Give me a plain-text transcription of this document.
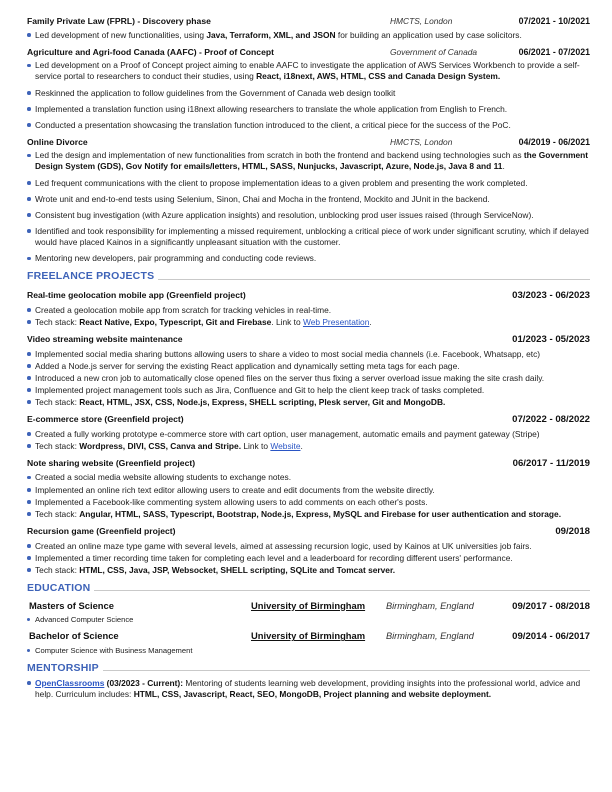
Family Private Law (FPRL) - Discovery phase	HMCTS, London	07/2021 - 10/2021
Led development of new functionalities, using Java, Terraform, XML, and JSON for building an application used by case solicitors.
Agriculture and Agri-food Canada (AAFC) - Proof of Concept	Government of Canada	06/2021 - 07/2021
Led development on a Proof of Concept project aiming to enable AAFC to investigate the application of AWS Services Workbench to provide a self-service portal to researchers to conduct their studies, using React, i18next, AWS, HTML, CSS and Canada Design System.
Reskinned the application to follow guidelines from the Government of Canada web design toolkit
Implemented a translation function using i18next allowing researchers to translate the whole application from English to French.
Conducted a presentation showcasing the translation function introduced to the client, a critical piece for the success of the PoC.
Online Divorce	HMCTS, London	04/2019 - 06/2021
Led the design and implementation of new functionalities from scratch in both the frontend and backend using technologies such as the Government Design System (GDS), Gov Notify for emails/letters, HTML, SASS, Nunjucks, Javascript, Azure, Node.js, Java 8 and 11.
Led frequent communications with the client to propose implementation ideas to a given problem and presenting the work completed.
Wrote unit and end-to-end tests using Selenium, Sinon, Chai and Mocha in the frontend, Mockito and JUnit in the backend.
Consistent bug investigation (with Azure application insights) and resolution, unblocking prod user issues raised (through ServiceNow).
Identified and took responsibility for implementing a missed requirement, unblocking a critical piece of work under significant scrutiny, which if delayed would have placed Kainos in a significantly unpleasant situation with the customer.
Mentoring new developers, pair programming and conducting code reviews.
FREELANCE PROJECTS
Real-time geolocation mobile app (Greenfield project)	03/2023 - 06/2023
Created a geolocation mobile app from scratch for tracking vehicles in real-time.
Tech stack: React Native, Expo, Typescript, Git and Firebase. Link to Web Presentation.
Video streaming website maintenance	01/2023 - 05/2023
Implemented social media sharing buttons allowing users to share a video to most social media channels (i.e. Facebook, Whatsapp, etc)
Added a Node.js server for serving the existing React application and dynamically setting meta tags for each page.
Introduced a new cron job to automatically close opened files on the server thus fixing a server overload issue making the site crash daily.
Implemented project management tools such as Jira, Confluence and Git to help the client keep track of tasks completed.
Tech stack: React, HTML, JSX, CSS, Node.js, Express, SHELL scripting, Plesk server, Git and MongoDB.
E-commerce store (Greenfield project)	07/2022 - 08/2022
Created a fully working prototype e-commerce store with cart option, user management, automatic emails and payment gateway (Stripe)
Tech stack: Wordpress, DIVI, CSS, Canva and Stripe. Link to Website.
Note sharing website (Greenfield project)	06/2017 - 11/2019
Created a social media website allowing students to exchange notes.
Implemented an online rich text editor allowing users to create and edit documents from the website directly.
Implemented a Facebook-like commenting system allowing users to add comments on each other's posts.
Tech stack: Angular, HTML, SASS, Typescript, Bootstrap, Node.js, Express, MySQL and Firebase for user authentication and storage.
Recursion game (Greenfield project)	09/2018
Created an online maze type game with several levels, aimed at assessing recursion logic, used by Kainos at UK universities job fairs.
Implemented a timer recording time taken for completing each level and a leaderboard for recording different users' performance.
Tech stack: HTML, CSS, Java, JSP, Websocket, SHELL scripting, SQLite and Tomcat server.
EDUCATION
Masters of Science	University of Birmingham	Birmingham, England	09/2017 - 08/2018
Advanced Computer Science
Bachelor of Science	University of Birmingham	Birmingham, England	09/2014 - 06/2017
Computer Science with Business Management
MENTORSHIP
OpenClassrooms (03/2023 - Current): Mentoring of students learning web development, providing insights into the professional world, advice and help. Curriculum includes: HTML, CSS, Javascript, React, SEO, MongoDB, Project planning and website deployment.
